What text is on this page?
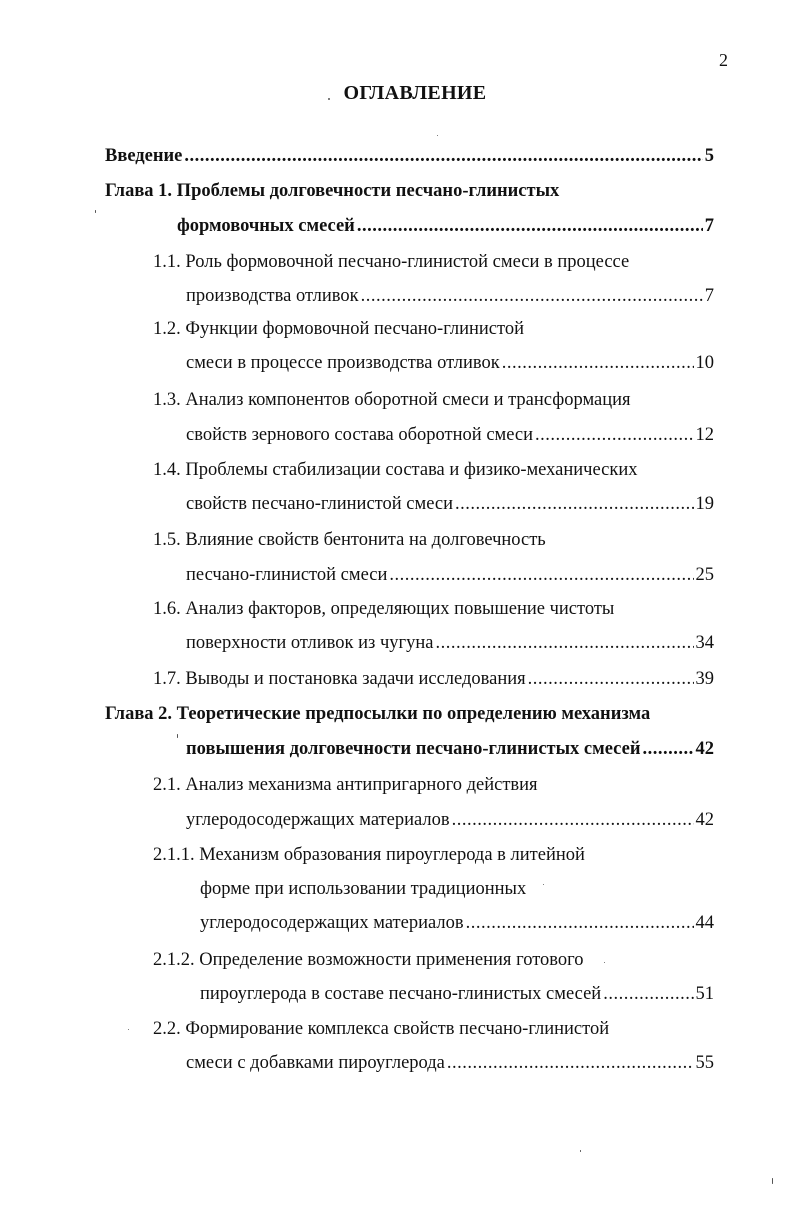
2
ОГЛАВЛЕНИЕ
Введение .....	5
Глава 1. Проблемы долговечности песчано-глинистых
формовочных смесей .....	7
1.1. Роль формовочной песчано-глинистой смеси в процессе
производства отливок .....	7
1.2. Функции формовочной песчано-глинистой
смеси в процессе производства отливок .....	10
1.3. Анализ компонентов оборотной смеси и трансформация
свойств зернового состава оборотной смеси .....	12
1.4. Проблемы стабилизации состава и физико-механических
свойств песчано-глинистой смеси .....	19
1.5. Влияние свойств бентонита на долговечность
песчано-глинистой смеси .....	25
1.6. Анализ факторов, определяющих повышение чистоты
поверхности отливок из чугуна .....	34
1.7. Выводы и постановка задачи исследования .....	39
Глава 2. Теоретические предпосылки по определению механизма
повышения долговечности песчано-глинистых смесей .....	42
2.1. Анализ механизма антипригарного действия
углеродосодержащих материалов .....	42
2.1.1. Механизм образования пироуглерода в литейной
форме при использовании традиционных
углеродосодержащих материалов .....	44
2.1.2. Определение возможности применения готового
пироуглерода в составе песчано-глинистых смесей .....	51
2.2. Формирование комплекса свойств песчано-глинистой
смеси с добавками пироуглерода .....	55
